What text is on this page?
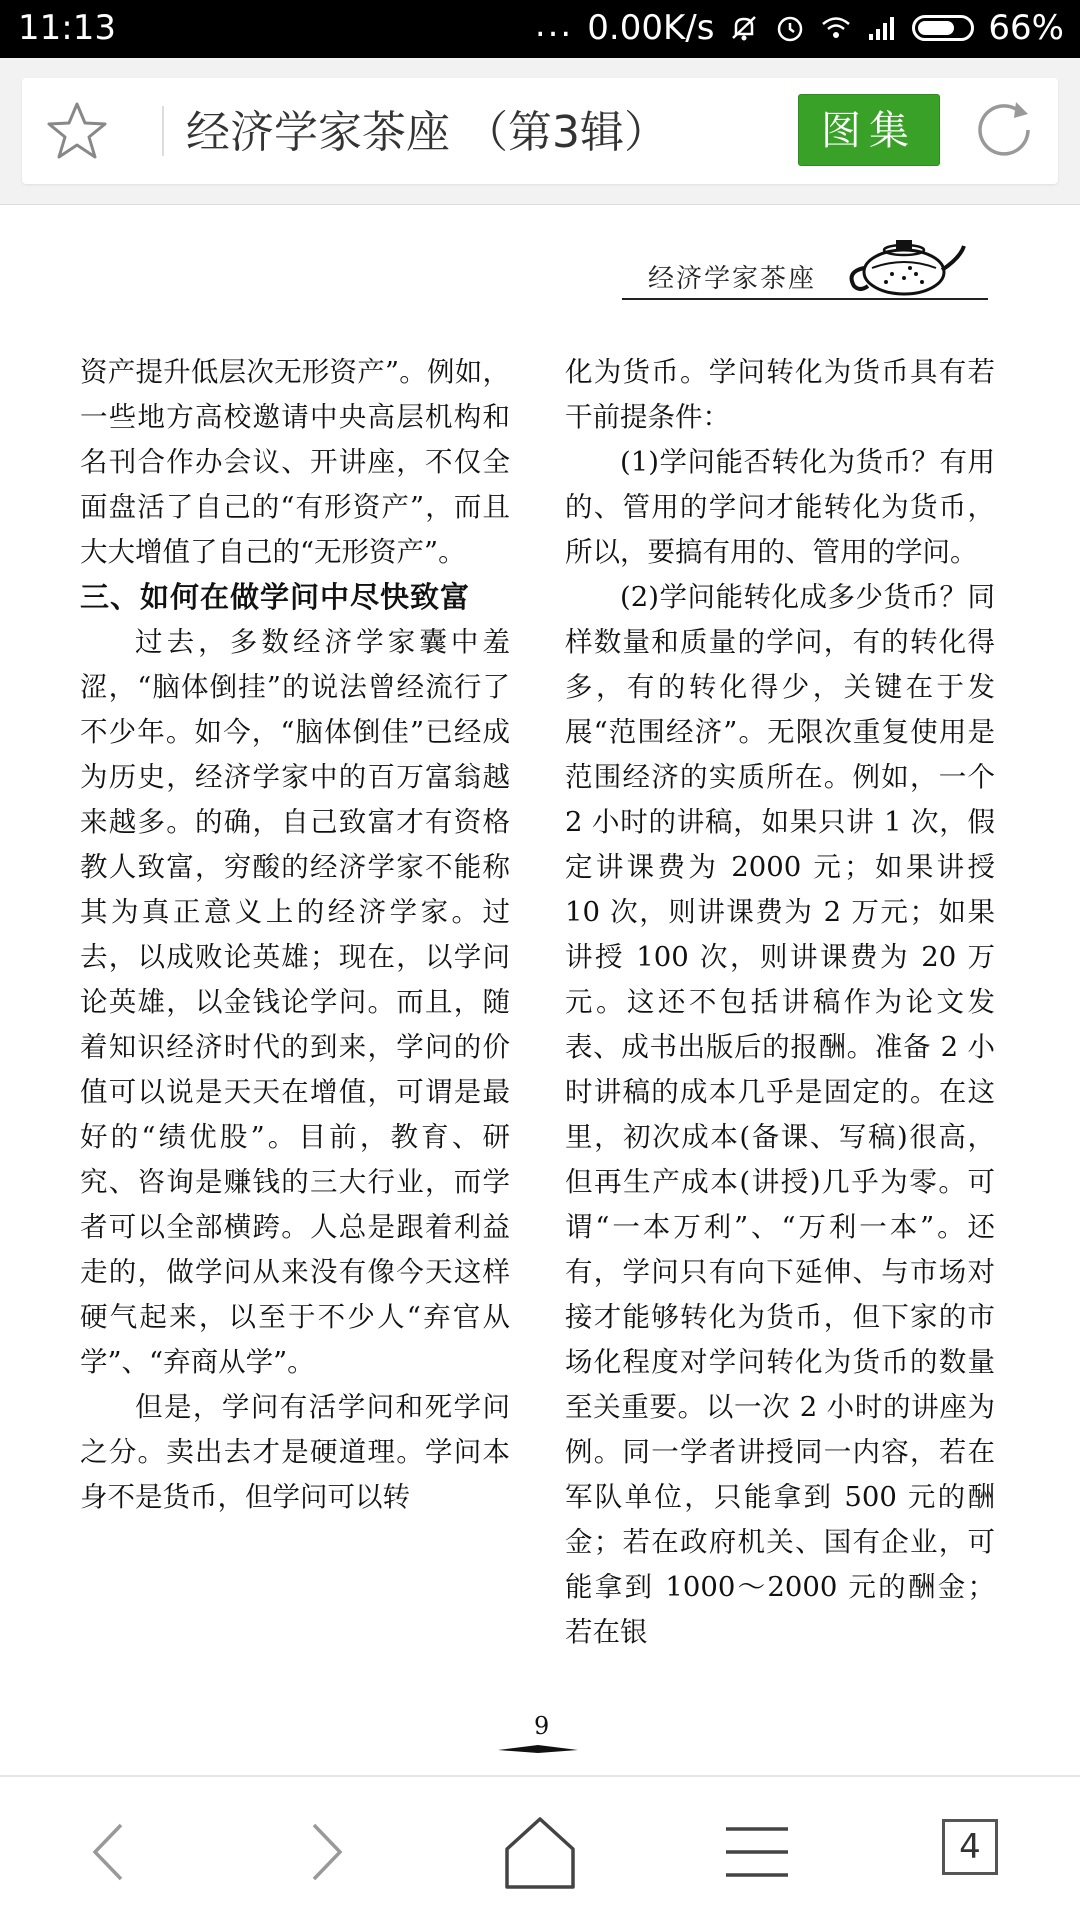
11:13	... 0.00K/s	66%
经济学家茶座 （第3辑）	图集
经济学家茶座

资产提升低层次无形资产”。例如，一些地方高校邀请中央高层机构和名刊合作办会议、开讲座，不仅全面盘活了自己的“有形资产”，而且大大增值了自己的“无形资产”。

三、如何在做学问中尽快致富

过去，多数经济学家囊中羞涩，“脑体倒挂”的说法曾经流行了不少年。如今，“脑体倒佳”已经成为历史，经济学家中的百万富翁越来越多。的确，自己致富才有资格教人致富，穷酸的经济学家不能称其为真正意义上的经济学家。过去，以成败论英雄；现在，以学问论英雄，以金钱论学问。而且，随着知识经济时代的到来，学问的价值可以说是天天在增值，可谓是最好的“绩优股”。目前，教育、研究、咨询是赚钱的三大行业，而学者可以全部横跨。人总是跟着利益走的，做学问从来没有像今天这样硬气起来，以至于不少人“弃官从学”、“弃商从学”。

但是，学问有活学问和死学问之分。卖出去才是硬道理。学问本身不是货币，但学问可以转

化为货币。学问转化为货币具有若干前提条件：

(1)学问能否转化为货币？有用的、管用的学问才能转化为货币，所以，要搞有用的、管用的学问。

(2)学问能转化成多少货币？同样数量和质量的学问，有的转化得多，有的转化得少，关键在于发展“范围经济”。无限次重复使用是范围经济的实质所在。例如，一个 2 小时的讲稿，如果只讲 1 次，假定讲课费为 2000 元；如果讲授 10 次，则讲课费为 2 万元；如果讲授 100 次，则讲课费为 20 万元。这还不包括讲稿作为论文发表、成书出版后的报酬。准备 2 小时讲稿的成本几乎是固定的。在这里，初次成本(备课、写稿)很高，但再生产成本(讲授)几乎为零。可谓“一本万利”、“万利一本”。还有，学问只有向下延伸、与市场对接才能够转化为货币，但下家的市场化程度对学问转化为货币的数量至关重要。以一次 2 小时的讲座为例。同一学者讲授同一内容，若在军队单位，只能拿到 500 元的酬金；若在政府机关、国有企业，可能拿到 1000～2000 元的酬金；若在银

9
4
